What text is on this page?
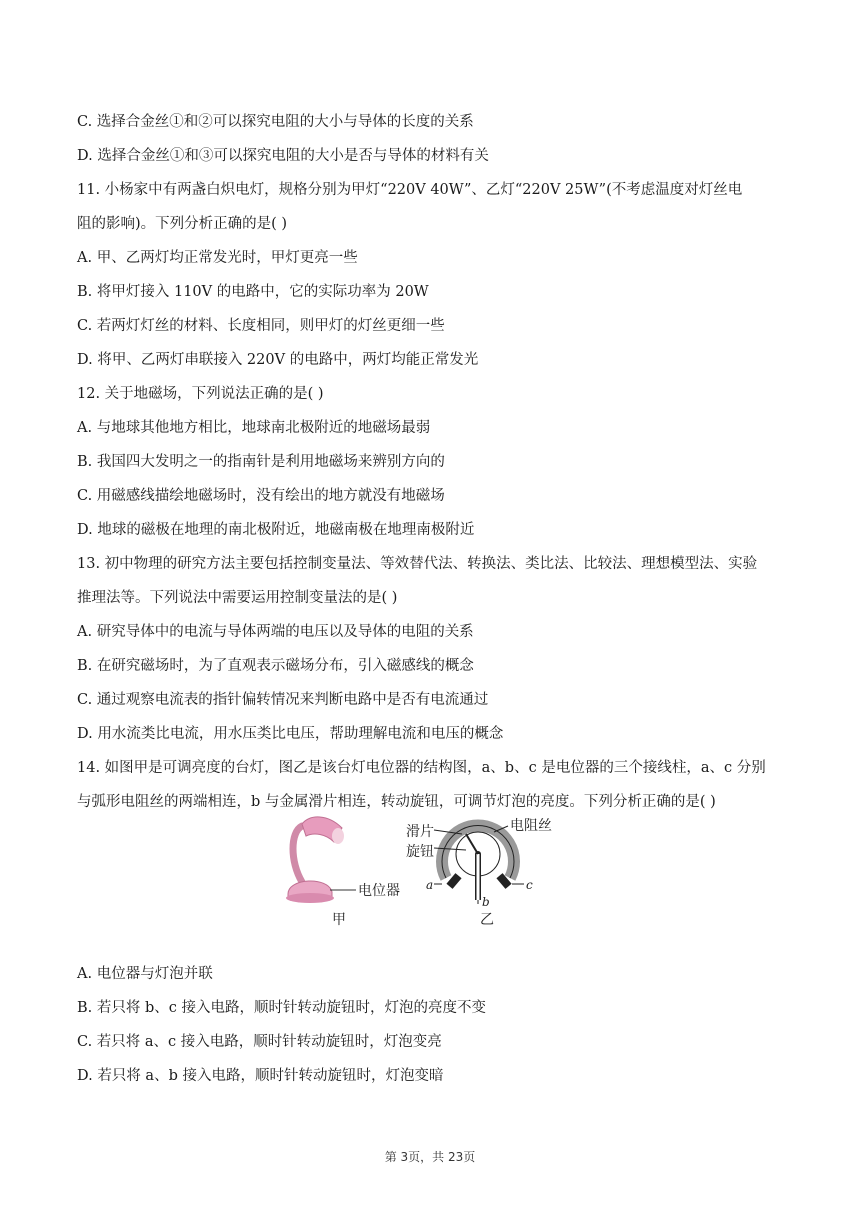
C. 选择合金丝①和②可以探究电阻的大小与导体的长度的关系
D. 选择合金丝①和③可以探究电阻的大小是否与导体的材料有关
11. 小杨家中有两盏白炽电灯，规格分别为甲灯“220V 40W”、乙灯“220V 25W”(不考虑温度对灯丝电
阻的影响)。下列分析正确的是( )
A. 甲、乙两灯均正常发光时，甲灯更亮一些
B. 将甲灯接入 110V 的电路中，它的实际功率为 20W
C. 若两灯灯丝的材料、长度相同，则甲灯的灯丝更细一些
D. 将甲、乙两灯串联接入 220V 的电路中，两灯均能正常发光
12. 关于地磁场，下列说法正确的是( )
A. 与地球其他地方相比，地球南北极附近的地磁场最弱
B. 我国四大发明之一的指南针是利用地磁场来辨别方向的
C. 用磁感线描绘地磁场时，没有绘出的地方就没有地磁场
D. 地球的磁极在地理的南北极附近，地磁南极在地理南极附近
13. 初中物理的研究方法主要包括控制变量法、等效替代法、转换法、类比法、比较法、理想模型法、实验
推理法等。下列说法中需要运用控制变量法的是( )
A. 研究导体中的电流与导体两端的电压以及导体的电阻的关系
B. 在研究磁场时，为了直观表示磁场分布，引入磁感线的概念
C. 通过观察电流表的指针偏转情况来判断电路中是否有电流通过
D. 用水流类比电流，用水压类比电压，帮助理解电流和电压的概念
14. 如图甲是可调亮度的台灯，图乙是该台灯电位器的结构图，a、b、c 是电位器的三个接线柱，a、c 分别
与弧形电阻丝的两端相连，b 与金属滑片相连，转动旋钮，可调节灯泡的亮度。下列分析正确的是( )
A. 电位器与灯泡并联
B. 若只将 b、c 接入电路，顺时针转动旋钮时，灯泡的亮度不变
C. 若只将 a、c 接入电路，顺时针转动旋钮时，灯泡变亮
D. 若只将 a、b 接入电路，顺时针转动旋钮时，灯泡变暗
电位器
甲
滑片
旋钮
电阻丝
a	c
b
乙
第 3页，共 23页
